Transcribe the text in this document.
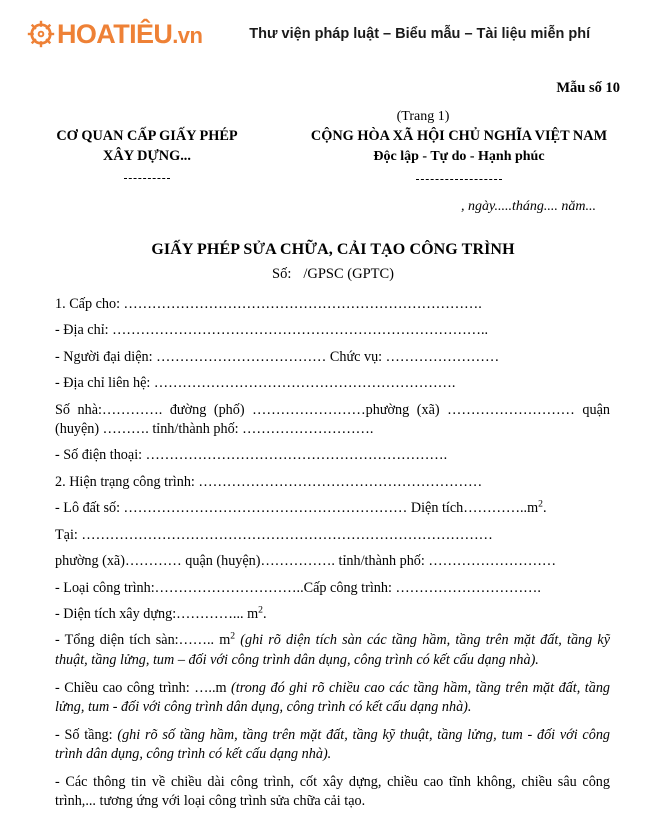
HOATIÊU.vn	Thư viện pháp luật – Biểu mẫu – Tài liệu miễn phí
Mẫu số 10
(Trang 1)
CƠ QUAN CẤP GIẤY PHÉP
XÂY DỰNG...
CỘNG HÒA XÃ HỘI CHỦ NGHĨA VIỆT NAM
Độc lập - Tự do - Hạnh phúc
, ngày.....tháng.... năm...
GIẤY PHÉP SỬA CHỮA, CẢI TẠO CÔNG TRÌNH
Số: /GPSC (GPTC)
1. Cấp cho: ………………………………………………………………….
- Địa chỉ: ……………………………………………………………………..
- Người đại diện: ……………………………… Chức vụ: ……………………
- Địa chỉ liên hệ: ……………………………………………………….
Số nhà:…………. đường (phố) ……………………phường (xã) ……………………… quận (huyện) ………. tỉnh/thành phố: ……………………….
- Số điện thoại: ……………………………………………………….
2. Hiện trạng công trình: ……………………………………………………
- Lô đất số: …………………………………………………… Diện $tích\dots\dots\dots\dots..m^2$.
Tại: ……………………………………………………………………………
phường (xã)………… quận (huyện)……………. tỉnh/thành phố: ………………………
- Loại công trình:…………………………..Cấp công trình: ………………………….
- Diện tích xây dựng:…………... $m^2$.
- Tổng diện tích sàn:…….. $m^2$ (ghi rõ diện tích sàn các tầng hầm, tầng trên mặt đất, tầng kỹ thuật, tầng lửng, tum – đối với công trình dân dụng, công trình có kết cấu dạng nhà).
- Chiều cao công trình: …..m (trong đó ghi rõ chiều cao các tầng hầm, tầng trên mặt đất, tầng lửng, tum - đối với công trình dân dụng, công trình có kết cấu dạng nhà).
- Số tầng: (ghi rõ số tầng hầm, tầng trên mặt đất, tầng kỹ thuật, tầng lửng, tum - đối với công trình dân dụng, công trình có kết cấu dạng nhà).
- Các thông tin về chiều dài công trình, cốt xây dựng, chiều cao tĩnh không, chiều sâu công trình,... tương ứng với loại công trình sửa chữa cải tạo.
